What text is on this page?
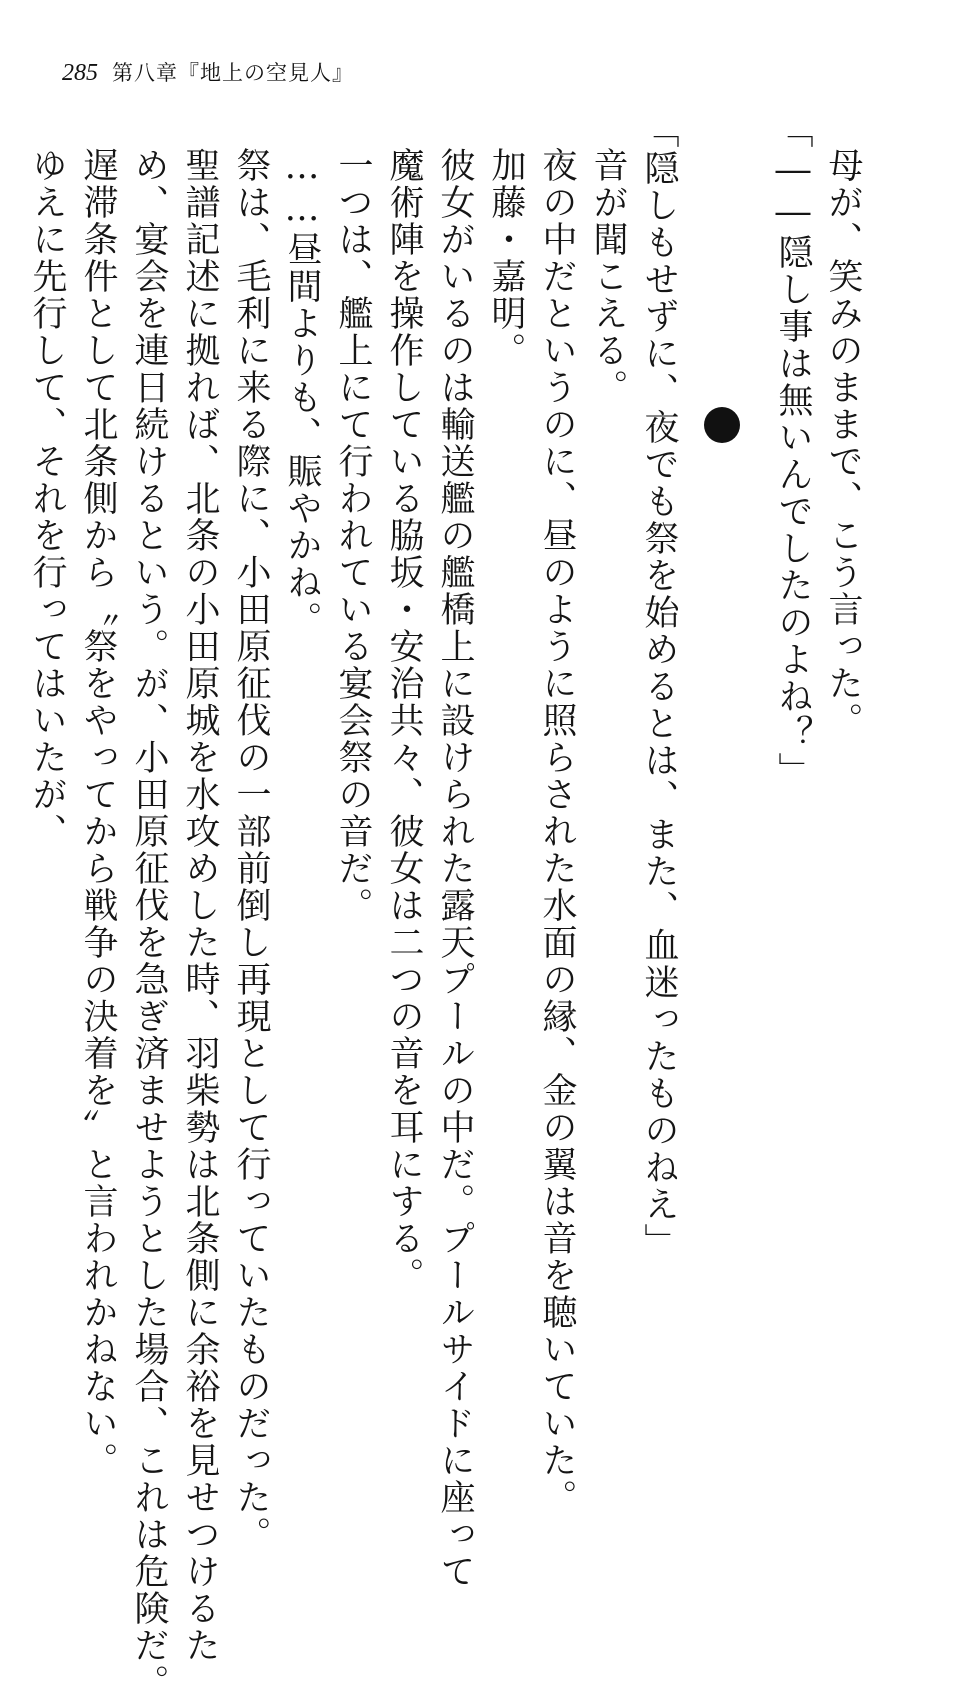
285 第八章『地上の空見人』
母が、笑みのままで、こう言った。
「――隠し事は無いんでしたのよね？」
「隠しもせずに、夜でも祭を始めるとは、また、血迷ったものねえ」
音が聞こえる。
夜の中だというのに、昼のように照らされた水面の縁、金の翼は音を聴いていた。
加藤・嘉明。
彼女がいるのは輸送艦の艦橋上に設けられた露天プールの中だ。プールサイドに座って
魔術陣を操作している脇坂・安治共々、彼女は二つの音を耳にする。
一つは、艦上にて行われている宴会祭の音だ。
……昼間よりも、賑やかね。
祭は、毛利に来る際に、小田原征伐の一部前倒し再現として行っていたものだった。
聖譜記述に拠れば、北条の小田原城を水攻めした時、羽柴勢は北条側に余裕を見せつけるた
め、宴会を連日続けるという。が、小田原征伐を急ぎ済ませようとした場合、これは危険だ。
遅滞条件として北条側から〝祭をやってから戦争の決着を〟と言われかねない。
ゆえに先行して、それを行ってはいたが、
